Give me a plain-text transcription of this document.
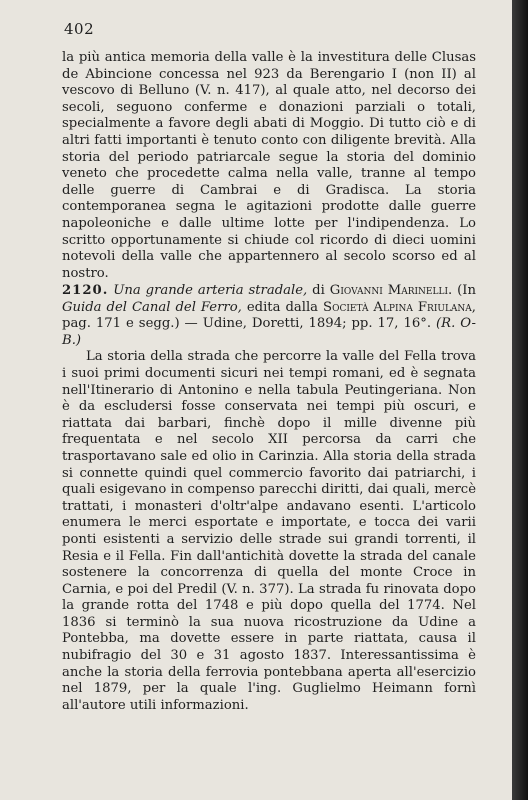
402

la più antica memoria della valle è la investitura delle Clusas de Abincione concessa nel 923 da Berengario I (non II) al vescovo di Belluno (V. n. 417), al quale atto, nel decorso dei secoli, seguono conferme e donazioni parziali o totali, specialmente a favore degli abati di Moggio. Di tutto ciò e di altri fatti importanti è tenuto conto con diligente brevità. Alla storia del periodo patriarcale segue la storia del dominio veneto che procedette calma nella valle, tranne al tempo delle guerre di Cambrai e di Gradisca. La storia contemporanea segna le agitazioni prodotte dalle guerre napoleoniche e dalle ultime lotte per l'indipendenza. Lo scritto opportunamente si chiude col ricordo di dieci uomini notevoli della valle che appartennero al secolo scorso ed al nostro.

2120. Una grande arteria stradale, di Giovanni Marinelli. (In Guida del Canal del Ferro, edita dalla Società Alpina Friulana, pag. 171 e segg.) — Udine, Doretti, 1894; pp. 17, 16°. (R. O-B.)

La storia della strada che percorre la valle del Fella trova i suoi primi documenti sicuri nei tempi romani, ed è segnata nell'Itinerario di Antonino e nella tabula Peutingeriana. Non è da escludersi fosse conservata nei tempi più oscuri, e riattata dai barbari, finchè dopo il mille divenne più frequentata e nel secolo XII percorsa da carri che trasportavano sale ed olio in Carinzia. Alla storia della strada si connette quindi quel commercio favorito dai patriarchi, i quali esigevano in compenso parecchi diritti, dai quali, mercè trattati, i monasteri d'oltr'alpe andavano esenti. L'articolo enumera le merci esportate e importate, e tocca dei varii ponti esistenti a servizio delle strade sui grandi torrenti, il Resia e il Fella. Fin dall'antichità dovette la strada del canale sostenere la concorrenza di quella del monte Croce in Carnia, e poi del Predil (V. n. 377). La strada fu rinovata dopo la grande rotta del 1748 e più dopo quella del 1774. Nel 1836 si terminò la sua nuova ricostruzione da Udine a Pontebba, ma dovette essere in parte riattata, causa il nubifragio del 30 e 31 agosto 1837. Interessantissima è anche la storia della ferrovia pontebbana aperta all'esercizio nel 1879, per la quale l'ing. Guglielmo Heimann fornì all'autore utili informazioni.
